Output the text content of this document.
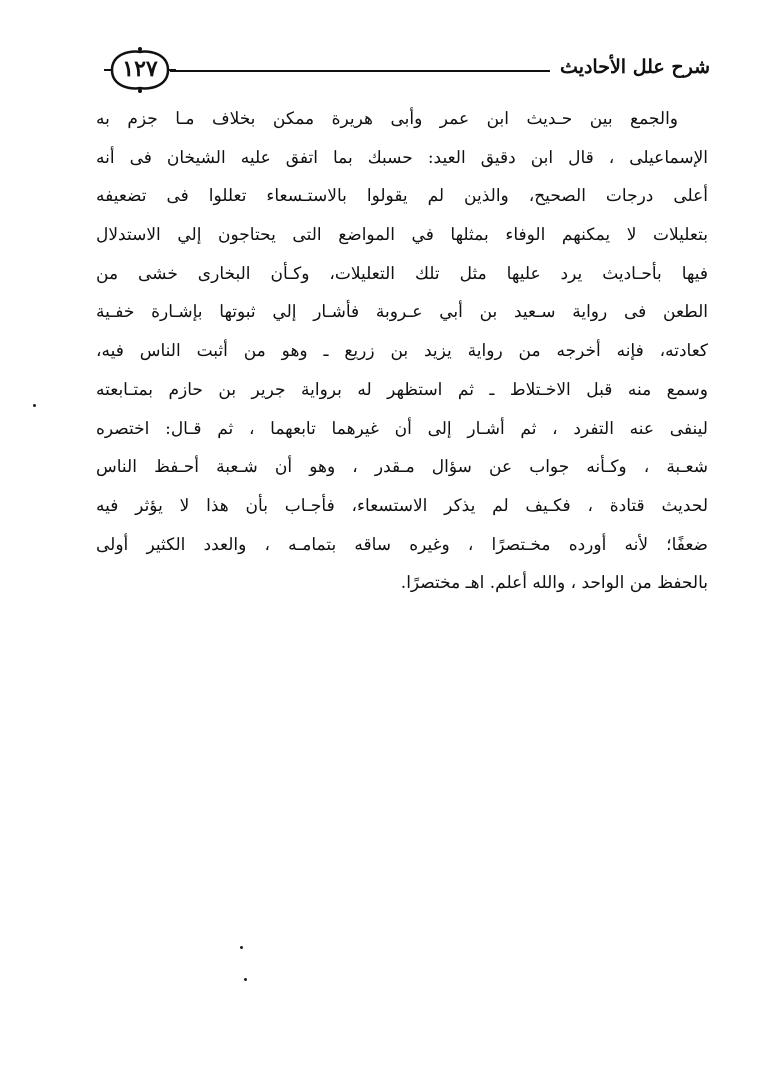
١٢٧	شرح علل الأحاديث
والجمع بين حـديث ابن عمر وأبى هريرة ممكن بخلاف مـا جزم به
الإسماعيلى ، قال ابن دقيق العيد: حسبك بما اتفق عليه الشيخان فى أنه
أعلى درجات الصحيح، والذين لم يقولوا بالاستـسعاء تعللوا فى تضعيفه
بتعليلات لا يمكنهم الوفاء بمثلها في المواضع التى يحتاجون إلي الاستدلال
فيها بأحـاديث يرد عليها مثل تلك التعليلات، وكـأن البخارى خشى من
الطعن فى رواية سـعيد بن أبي عـروبة فأشـار إلي ثبوتها بإشـارة خفـية
كعادته، فإنه أخرجه من رواية يزيد بن زريع ـ وهو من أثبت الناس فيه،
وسمع منه قبل الاخـتلاط ـ ثم استظهر له برواية جرير بن حازم بمتـابعته
لينفى عنه التفرد ، ثم أشـار إلى أن غيرهما تابعهما ، ثم قـال: اختصره
شعـبة ، وكـأنه جواب عن سؤال مـقدر ، وهو أن شـعبة أحـفظ الناس
لحديث قتادة ، فكـيف لم يذكر الاستسعاء، فأجـاب بأن هذا لا يؤثر فيه
ضعفًا؛ لأنه أورده مخـتصرًا ، وغيره ساقه بتمامـه ، والعدد الكثير أولى
بالحفظ من الواحد ، والله أعلم. اهـ مختصرًا.
